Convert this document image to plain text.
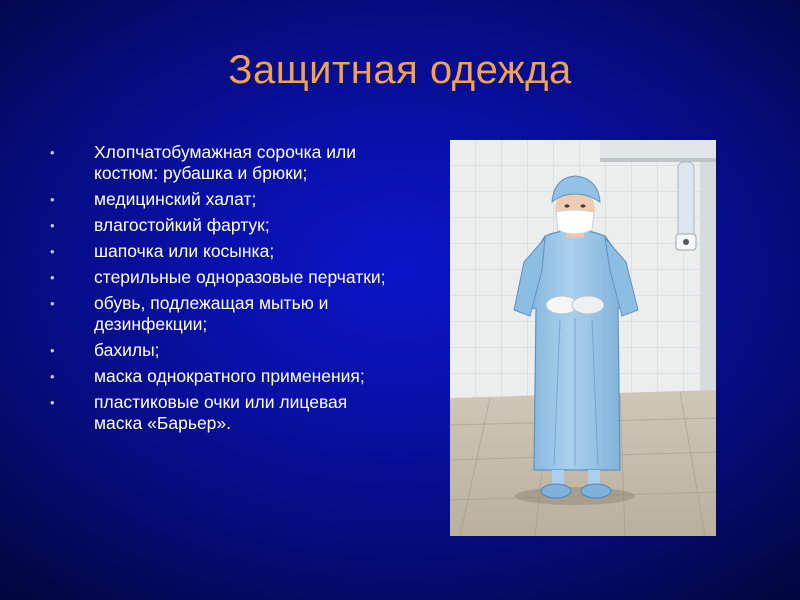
Защитная одежда
• Хлопчатобумажная сорочка или костюм: рубашка и брюки;
• медицинский халат;
• влагостойкий фартук;
• шапочка или косынка;
• стерильные одноразовые перчатки;
• обувь, подлежащая мытью и дезинфекции;
• бахилы;
• маска однократного применения;
• пластиковые очки или лицевая маска «Барьер».
